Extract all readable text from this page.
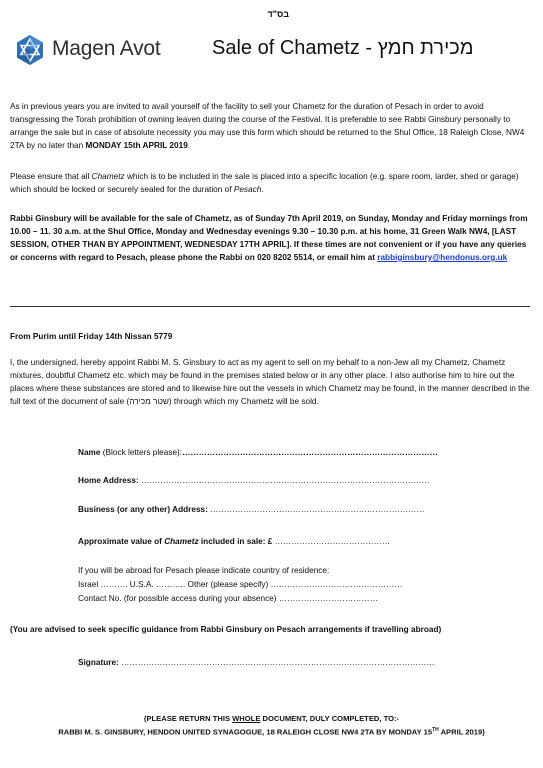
בס"ד
Magen Avot	Sale of Chametz - מכירת חמץ

As in previous years you are invited to avail yourself of the facility to sell your Chametz for the duration of Pesach in order to avoid transgressing the Torah prohibition of owning leaven during the course of the Festival. It is preferable to see Rabbi Ginsbury personally to arrange the sale but in case of absolute necessity you may use this form which should be returned to the Shul Office, 18 Raleigh Close, NW4 2TA by no later than MONDAY 15th APRIL 2019.

Please ensure that all Chametz which is to be included in the sale is placed into a specific location (e.g. spare room, larder, shed or garage) which should be locked or securely sealed for the duration of Pesach.

Rabbi Ginsbury will be available for the sale of Chametz, as of Sunday 7th April 2019, on Sunday, Monday and Friday mornings from 10.00 – 11. 30 a.m. at the Shul Office, Monday and Wednesday evenings 9.30 – 10.30 p.m. at his home, 31 Green Walk NW4, [LAST SESSION, OTHER THAN BY APPOINTMENT, WEDNESDAY 17TH APRIL]. If these times are not convenient or if you have any queries or concerns with regard to Pesach, please phone the Rabbi on 020 8202 5514, or email him at rabbiginsbury@hendonus.org.uk

From Purim until Friday 14th Nissan 5779

I, the undersigned, hereby appoint Rabbi M. S. Ginsbury to act as my agent to sell on my behalf to a non-Jew all my Chametz, Chametz mixtures, doubtful Chametz etc. which may be found in the premises stated below or in any other place. I also authorise him to hire out the places where these substances are stored and to likewise hire out the vessels in which Chametz may be found, in the manner described in the full text of the document of sale (שטר מכירה) through which my Chametz will be sold.

Name (Block letters please):…………………………………………………………………………………
Home Address: ……………………………………………………………………………………………
Business (or any other) Address: ……………………………………………………………………
Approximate value of Chametz included in sale: £ ……………………………………
If you will be abroad for Pesach please indicate country of residence:
Israel ………. U.S.A. ……….. Other (please specify) …………………………………………
Contact No. (for possible access during your absence) ………………………………
(You are advised to seek specific guidance from Rabbi Ginsbury on Pesach arrangements if travelling abroad)
Signature: ……………………………………………………………………………………………………
(PLEASE RETURN THIS WHOLE DOCUMENT, DULY COMPLETED, TO:-
RABBI M. S. GINSBURY, HENDON UNITED SYNAGOGUE, 18 RALEIGH CLOSE NW4 2TA BY MONDAY 15TH APRIL 2019)
